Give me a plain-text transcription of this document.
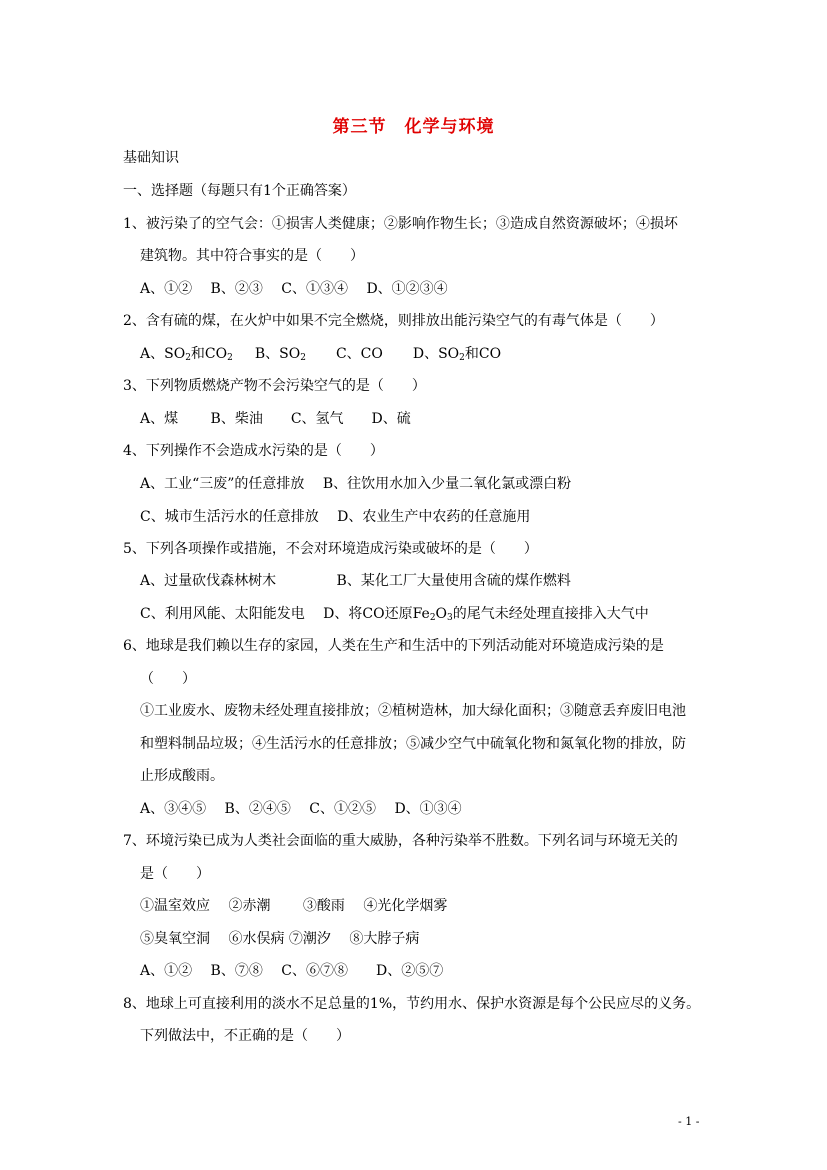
第三节　化学与环境
基础知识
一、选择题（每题只有1个正确答案）
1、被污染了的空气会：①损害人类健康；②影响作物生长；③造成自然资源破坏；④损坏
建筑物。其中符合事实的是（　　）
A、①②　 B、②③　 C、①③④　 D、①②③④
2、含有硫的煤，在火炉中如果不完全燃烧，则排放出能污染空气的有毒气体是（　　）
A、$SO_2$和$CO_2$ B、$SO_2$ C、CO D、$SO_2$和CO
3、下列物质燃烧产物不会污染空气的是（　　）
A、煤　　 B、柴油　　C、氢气　　D、硫
4、下列操作不会造成水污染的是（　　）
A、工业“三废”的任意排放　 B、往饮用水加入少量二氧化氯或漂白粉
C、城市生活污水的任意排放　 D、农业生产中农药的任意施用
5、下列各项操作或措施，不会对环境造成污染或破坏的是（　　）
A、过量砍伐森林树木　　　　 B、某化工厂大量使用含硫的煤作燃料
C、利用风能、太阳能发电　 D、将CO还原$Fe_2O_3$的尾气未经处理直接排入大气中
6、地球是我们赖以生存的家园，人类在生产和生活中的下列活动能对环境造成污染的是
（　　）
①工业废水、废物未经处理直接排放；②植树造林，加大绿化面积；③随意丢弃废旧电池
和塑料制品垃圾；④生活污水的任意排放；⑤减少空气中硫氧化物和氮氧化物的排放，防
止形成酸雨。
A、③④⑤　 B、②④⑤　 C、①②⑤　 D、①③④
7、环境污染已成为人类社会面临的重大威胁，各种污染举不胜数。下列名词与环境无关的
是（　　）
①温室效应　 ②赤潮　　 ③酸雨　 ④光化学烟雾
⑤臭氧空洞　 ⑥水俣病 ⑦潮汐　 ⑧大脖子病
A、①②　 B、⑦⑧　 C、⑥⑦⑧　　D、②⑤⑦
8、地球上可直接利用的淡水不足总量的1%，节约用水、保护水资源是每个公民应尽的义务。
下列做法中，不正确的是（　　）
- 1 -
